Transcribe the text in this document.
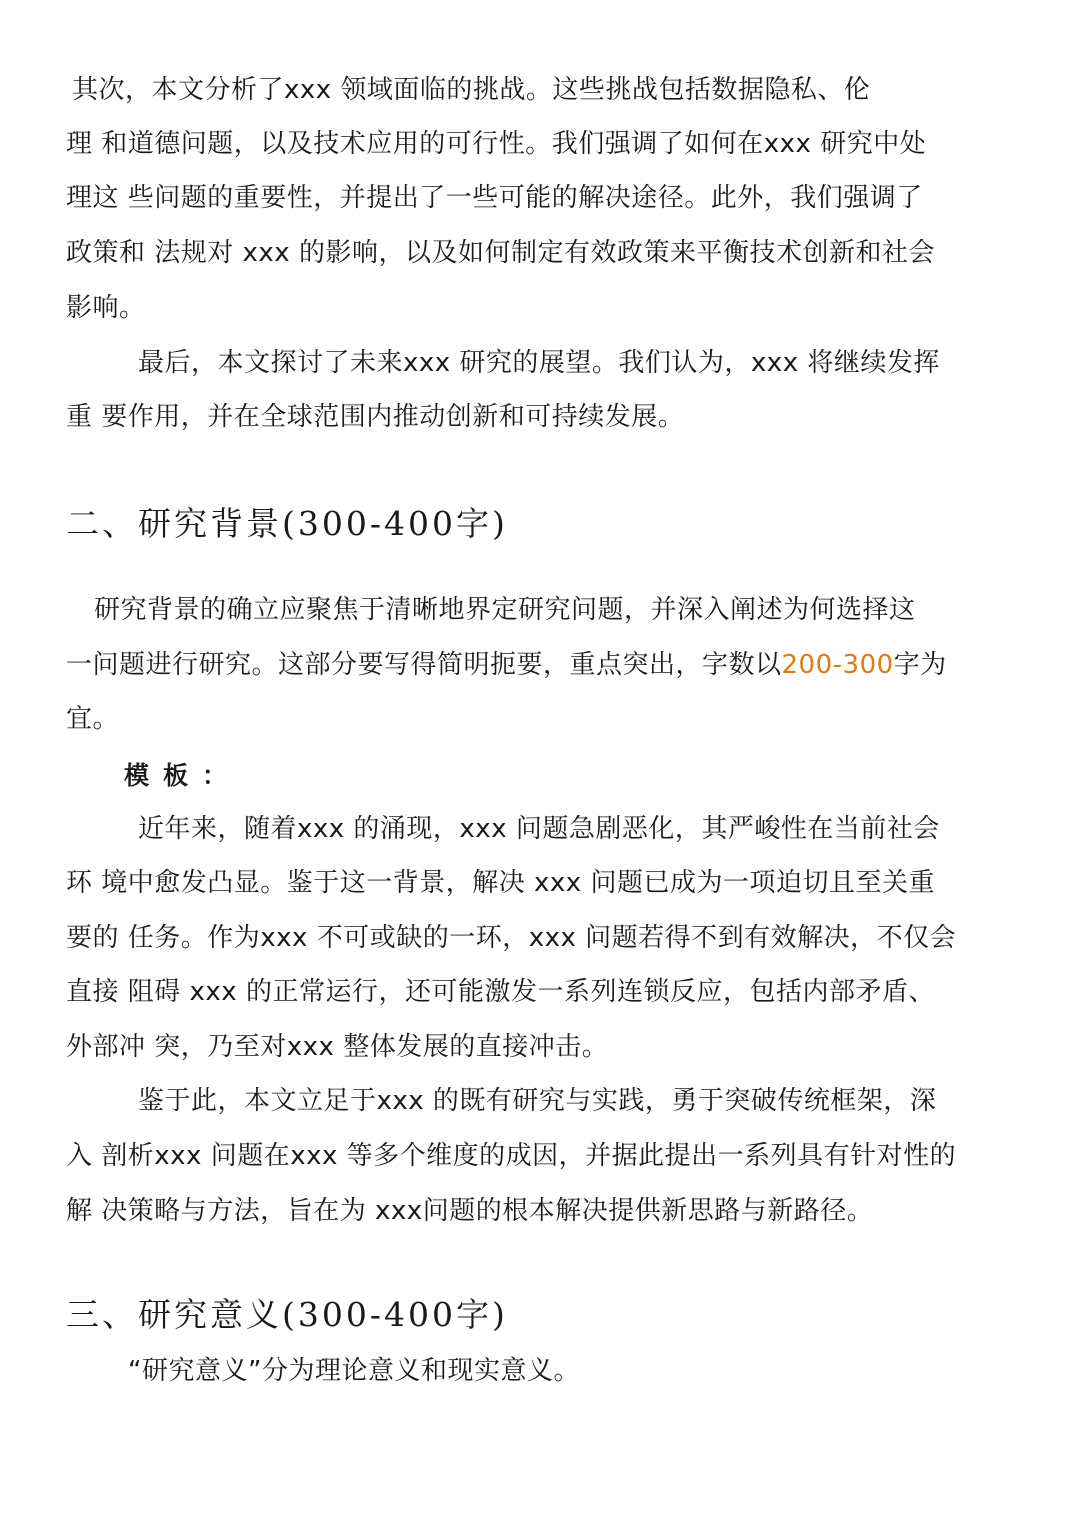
其次，本文分析了xxx 领域面临的挑战。这些挑战包括数据隐私、伦
理 和道德问题，以及技术应用的可行性。我们强调了如何在xxx 研究中处
理这 些问题的重要性，并提出了一些可能的解决途径。此外，我们强调了
政策和 法规对 xxx 的影响，以及如何制定有效政策来平衡技术创新和社会
影响。
最后，本文探讨了未来xxx 研究的展望。我们认为，xxx 将继续发挥
重 要作用，并在全球范围内推动创新和可持续发展。
二、研究背景(300-400字)
研究背景的确立应聚焦于清晰地界定研究问题，并深入阐述为何选择这
一问题进行研究。这部分要写得简明扼要，重点突出，字数以200-300字为
宜。
模板：
近年来，随着xxx 的涌现，xxx 问题急剧恶化，其严峻性在当前社会
环 境中愈发凸显。鉴于这一背景，解决 xxx 问题已成为一项迫切且至关重
要的 任务。作为xxx 不可或缺的一环，xxx 问题若得不到有效解决，不仅会
直接 阻碍 xxx 的正常运行，还可能激发一系列连锁反应，包括内部矛盾、
外部冲 突，乃至对xxx 整体发展的直接冲击。
鉴于此，本文立足于xxx 的既有研究与实践，勇于突破传统框架，深
入 剖析xxx 问题在xxx 等多个维度的成因，并据此提出一系列具有针对性的
解 决策略与方法，旨在为 xxx问题的根本解决提供新思路与新路径。
三、研究意义(300-400字)
“研究意义”分为理论意义和现实意义。
